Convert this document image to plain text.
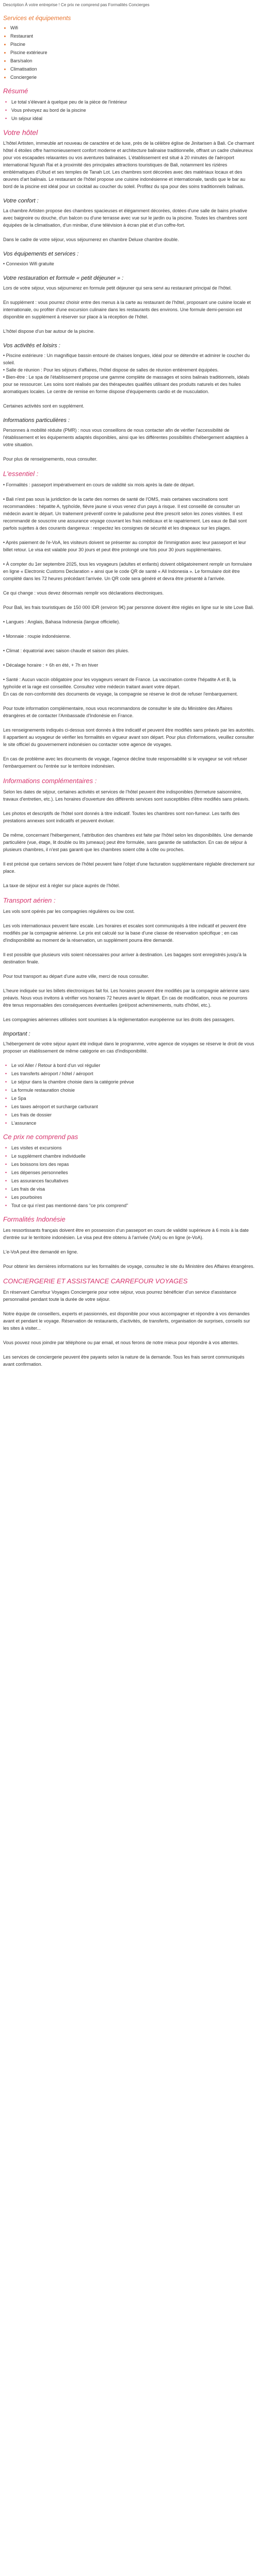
Description À votre entreprise ! Ce prix ne comprend pas Formalités Concierges

Services et équipements
• Wifi
• Restaurant
• Piscine
• Piscine extérieure
• Bars/salon
• Climatisation
• Conciergerie
Résumé
• Le total s'élevant à quelque peu de la pièce de l'intérieur
• Vous prévoyez au bord de la piscine
• Un séjour idéal
Votre hôtel

L'hôtel Artisten, immeuble art nouveau de caractère et de luxe, près de la célèbre église de Jinitarisen à Bali. Ce charmant hôtel 4 étoiles offre harmonieusement confort moderne et architecture balinaise traditionnelle, offrant un cadre chaleureux pour vos escapades relaxantes ou vos aventures balinaises. L'établissement est situé à 20 minutes de l'aéroport international Ngurah Rai et à proximité des principales attractions touristiques de Bali, notamment les rizières emblématiques d'Ubud et ses temples de Tanah Lot. Les chambres sont décorées avec des matériaux locaux et des œuvres d'art balinais. Le restaurant de l'hôtel propose une cuisine indonésienne et internationale, tandis que le bar au bord de la piscine est idéal pour un cocktail au coucher du soleil. Profitez du spa pour des soins traditionnels balinais.

Votre confort :

La chambre Artisten propose des chambres spacieuses et élégamment décorées, dotées d'une salle de bains privative avec baignoire ou douche, d'un balcon ou d'une terrasse avec vue sur le jardin ou la piscine. Toutes les chambres sont équipées de la climatisation, d'un minibar, d'une télévision à écran plat et d'un coffre-fort.

Dans le cadre de votre séjour, vous séjournerez en chambre Deluxe chambre double.

Vos équipements et services :

• Connexion Wifi gratuite

Votre restauration et formule « petit déjeuner » :

Lors de votre séjour, vous séjournerez en formule petit déjeuner qui sera servi au restaurant principal de l'hôtel.

En supplément : vous pourrez choisir entre des menus à la carte au restaurant de l'hôtel, proposant une cuisine locale et internationale, ou profiter d'une excursion culinaire dans les restaurants des environs. Une formule demi-pension est disponible en supplément à réserver sur place à la réception de l'hôtel.

L'hôtel dispose d'un bar autour de la piscine.

Vos activités et loisirs :

• Piscine extérieure : Un magnifique bassin entouré de chaises longues, idéal pour se détendre et admirer le coucher du soleil.
• Salle de réunion : Pour les séjours d'affaires, l'hôtel dispose de salles de réunion entièrement équipées.
• Bien-être : Le spa de l'établissement propose une gamme complète de massages et soins balinais traditionnels, idéals pour se ressourcer. Les soins sont réalisés par des thérapeutes qualifiés utilisant des produits naturels et des huiles aromatiques locales. Le centre de remise en forme dispose d'équipements cardio et de musculation.

Certaines activités sont en supplément.

Informations particulières :

Personnes à mobilité réduite (PMR) : nous vous conseillons de nous contacter afin de vérifier l'accessibilité de l'établissement et les équipements adaptés disponibles, ainsi que les différentes possibilités d'hébergement adaptées à votre situation.

Pour plus de renseignements, nous consulter.

L'essentiel :

• Formalités : passeport impérativement en cours de validité six mois après la date de départ.

• Bali n'est pas sous la juridiction de la carte des normes de santé de l'OMS, mais certaines vaccinations sont recommandées : hépatite A, typhoïde, fièvre jaune si vous venez d'un pays à risque. Il est conseillé de consulter un médecin avant le départ. Un traitement préventif contre le paludisme peut être prescrit selon les zones visitées. Il est recommandé de souscrire une assurance voyage couvrant les frais médicaux et le rapatriement. Les eaux de Bali sont parfois sujettes à des courants dangereux : respectez les consignes de sécurité et les drapeaux sur les plages.

• Après paiement de l'e-VoA, les visiteurs doivent se présenter au comptoir de l'immigration avec leur passeport et leur billet retour. Le visa est valable pour 30 jours et peut être prolongé une fois pour 30 jours supplémentaires.

• À compter du 1er septembre 2025, tous les voyageurs (adultes et enfants) doivent obligatoirement remplir un formulaire en ligne « Electronic Customs Declaration » ainsi que le code QR de santé « All Indonesia ». Le formulaire doit être complété dans les 72 heures précédant l'arrivée. Un QR code sera généré et devra être présenté à l'arrivée.

Ce qui change : vous devez désormais remplir vos déclarations électroniques.

Pour Bali, les frais touristiques de 150 000 IDR (environ 9€) par personne doivent être réglés en ligne sur le site Love Bali.

• Langues : Anglais, Bahasa Indonesia (langue officielle).

• Monnaie : roupie indonésienne.

• Climat : équatorial avec saison chaude et saison des pluies.

• Décalage horaire : + 6h en été, + 7h en hiver

• Santé : Aucun vaccin obligatoire pour les voyageurs venant de France. La vaccination contre l'hépatite A et B, la typhoïde et la rage est conseillée. Consultez votre médecin traitant avant votre départ.
En cas de non-conformité des documents de voyage, la compagnie se réserve le droit de refuser l'embarquement.

Pour toute information complémentaire, nous vous recommandons de consulter le site du Ministère des Affaires étrangères et de contacter l'Ambassade d'Indonésie en France.

Les renseignements indiqués ci-dessus sont donnés à titre indicatif et peuvent être modifiés sans préavis par les autorités. Il appartient au voyageur de vérifier les formalités en vigueur avant son départ. Pour plus d'informations, veuillez consulter le site officiel du gouvernement indonésien ou contacter votre agence de voyages.

En cas de problème avec les documents de voyage, l'agence décline toute responsabilité si le voyageur se voit refuser l'embarquement ou l'entrée sur le territoire indonésien.

Informations complémentaires :

Selon les dates de séjour, certaines activités et services de l'hôtel peuvent être indisponibles (fermeture saisonnière, travaux d'entretien, etc.). Les horaires d'ouverture des différents services sont susceptibles d'être modifiés sans préavis.

Les photos et descriptifs de l'hôtel sont donnés à titre indicatif. Toutes les chambres sont non-fumeur. Les tarifs des prestations annexes sont indicatifs et peuvent évoluer.

De même, concernant l'hébergement, l'attribution des chambres est faite par l'hôtel selon les disponibilités. Une demande particulière (vue, étage, lit double ou lits jumeaux) peut être formulée, sans garantie de satisfaction. En cas de séjour à plusieurs chambres, il n'est pas garanti que les chambres soient côte à côte ou proches.

Il est précisé que certains services de l'hôtel peuvent faire l'objet d'une facturation supplémentaire réglable directement sur place.

La taxe de séjour est à régler sur place auprès de l'hôtel.

Transport aérien :

Les vols sont opérés par les compagnies régulières ou low cost.

Les vols internationaux peuvent faire escale. Les horaires et escales sont communiqués à titre indicatif et peuvent être modifiés par la compagnie aérienne. Le prix est calculé sur la base d'une classe de réservation spécifique ; en cas d'indisponibilité au moment de la réservation, un supplément pourra être demandé.

Il est possible que plusieurs vols soient nécessaires pour arriver à destination. Les bagages sont enregistrés jusqu'à la destination finale.

Pour tout transport au départ d'une autre ville, merci de nous consulter.

L'heure indiquée sur les billets électroniques fait foi. Les horaires peuvent être modifiés par la compagnie aérienne sans préavis. Nous vous invitons à vérifier vos horaires 72 heures avant le départ. En cas de modification, nous ne pourrons être tenus responsables des conséquences éventuelles (pré/post acheminements, nuits d'hôtel, etc.).

Les compagnies aériennes utilisées sont soumises à la réglementation européenne sur les droits des passagers.

Important :

L'hébergement de votre séjour ayant été indiqué dans le programme, votre agence de voyages se réserve le droit de vous proposer un établissement de même catégorie en cas d'indisponibilité.

• Le vol Aller / Retour à bord d'un vol régulier
• Les transferts aéroport / hôtel / aéroport
• Le séjour dans la chambre choisie dans la catégorie prévue
• La formule restauration choisie
• Le Spa
• Les taxes aéroport et surcharge carburant
• Les frais de dossier
• L'assurance
Ce prix ne comprend pas
• Les visites et excursions
• Le supplément chambre individuelle
• Les boissons lors des repas
• Les dépenses personnelles
• Les assurances facultatives
• Les frais de visa
• Les pourboires
• Tout ce qui n'est pas mentionné dans "ce prix comprend"
Formalités Indonésie

Les ressortissants français doivent être en possession d'un passeport en cours de validité supérieure à 6 mois à la date d'entrée sur le territoire indonésien. Le visa peut être obtenu à l'arrivée (VoA) ou en ligne (e-VoA).

L'e-VoA peut être demandé en ligne.

Pour obtenir les dernières informations sur les formalités de voyage, consultez le site du Ministère des Affaires étrangères.

CONCIERGERIE ET ASSISTANCE CARREFOUR VOYAGES

En réservant Carrefour Voyages Conciergerie pour votre séjour, vous pourrez bénéficier d'un service d'assistance personnalisé pendant toute la durée de votre séjour.

Notre équipe de conseillers, experts et passionnés, est disponible pour vous accompagner et répondre à vos demandes avant et pendant le voyage. Réservation de restaurants, d'activités, de transferts, organisation de surprises, conseils sur les sites à visiter...

Vous pouvez nous joindre par téléphone ou par email, et nous ferons de notre mieux pour répondre à vos attentes.

Les services de conciergerie peuvent être payants selon la nature de la demande. Tous les frais seront communiqués avant confirmation.
